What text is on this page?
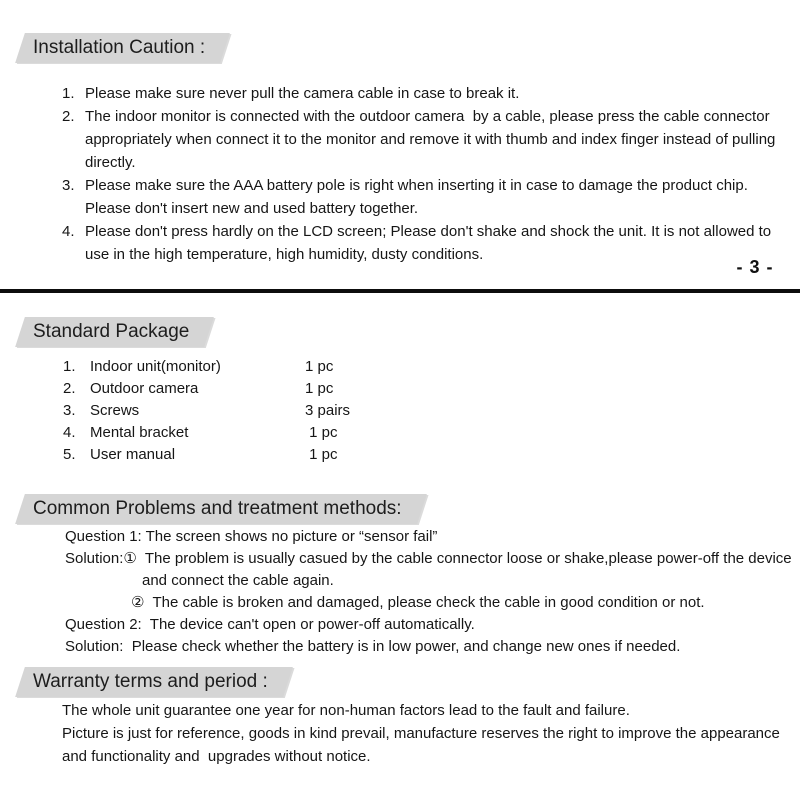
Installation Caution :
1. Please make sure never pull the camera cable in case to break it.
2. The indoor monitor is connected with the outdoor camera  by a cable, please press the cable connector
appropriately when connect it to the monitor and remove it with thumb and index finger instead of pulling
directly.
3. Please make sure the AAA battery pole is right when inserting it in case to damage the product chip.
Please don't insert new and used battery together.
4. Please don't press hardly on the LCD screen; Please don't shake and shock the unit. It is not allowed to
use in the high temperature, high humidity, dusty conditions.
- 3 -
Standard Package
1. Indoor unit(monitor)	1 pc
2. Outdoor camera	1 pc
3. Screws	3 pairs
4. Mental bracket	1 pc
5. User manual	1 pc
Common Problems and treatment methods:
Question 1: The screen shows no picture or “sensor fail”
Solution:①  The problem is usually casued by the cable connector loose or shake,please power-off the device
and connect the cable again.
②  The cable is broken and damaged, please check the cable in good condition or not.
Question 2:  The device can't open or power-off automatically.
Solution:  Please check whether the battery is in low power, and change new ones if needed.
Warranty terms and period :
The whole unit guarantee one year for non-human factors lead to the fault and failure.
Picture is just for reference, goods in kind prevail, manufacture reserves the right to improve the appearance
and functionality and  upgrades without notice.
